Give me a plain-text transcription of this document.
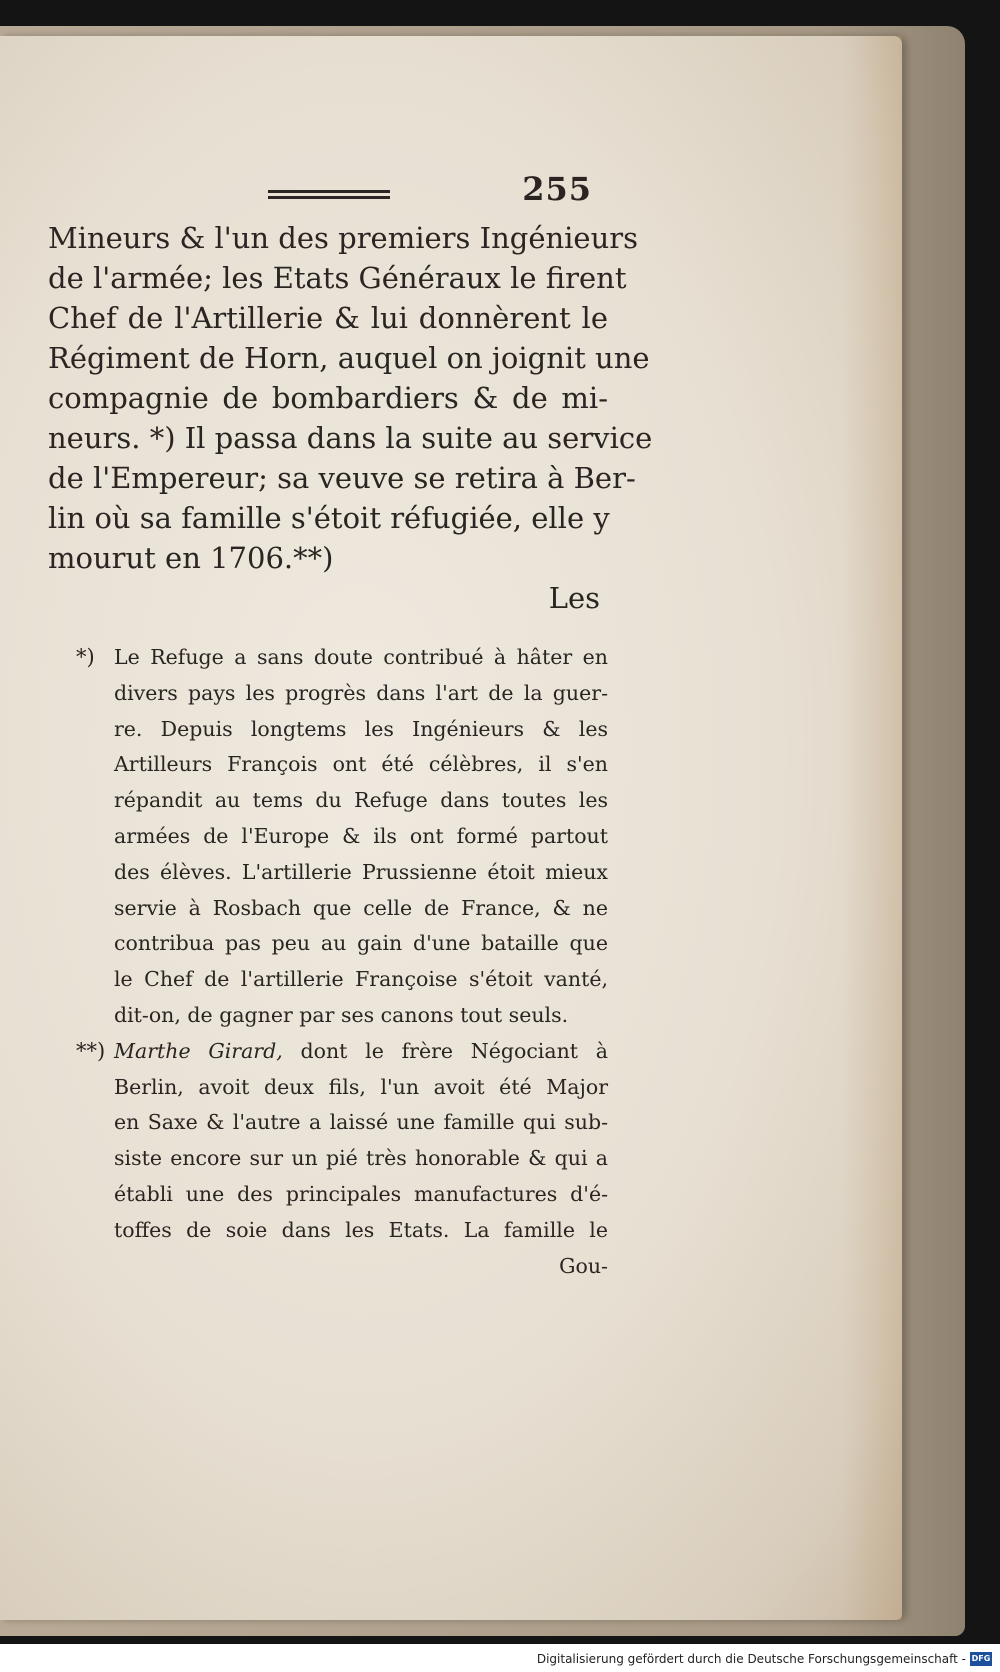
255

Mineurs & l'un des premiers Ingénieurs
de l'armée; les Etats Généraux le firent
Chef de l'Artillerie & lui donnèrent le
Régiment de Horn, auquel on joignit une
compagnie de bombardiers & de mi-
neurs. *) Il passa dans la suite au service
de l'Empereur; sa veuve se retira à Ber-
lin où sa famille s'étoit réfugiée, elle y
mourut en 1706.**)

Les
*) Le Refuge a sans doute contribué à hâter en
divers pays les progrès dans l'art de la guer-
re. Depuis longtems les Ingénieurs & les
Artilleurs François ont été célèbres, il s'en
répandit au tems du Refuge dans toutes les
armées de l'Europe & ils ont formé partout
des élèves. L'artillerie Prussienne étoit mieux
servie à Rosbach que celle de France, & ne
contribua pas peu au gain d'une bataille que
le Chef de l'artillerie Françoise s'étoit vanté,
dit-on, de gagner par ses canons tout seuls.
**) Marthe Girard, dont le frère Négociant à
Berlin, avoit deux fils, l'un avoit été Major
en Saxe & l'autre a laissé une famille qui sub-
siste encore sur un pié très honorable & qui a
établi une des principales manufactures d'é-
toffes de soie dans les Etats. La famille le
Gou-
Digitalisierung gefördert durch die Deutsche Forschungsgemeinschaft - DFG
